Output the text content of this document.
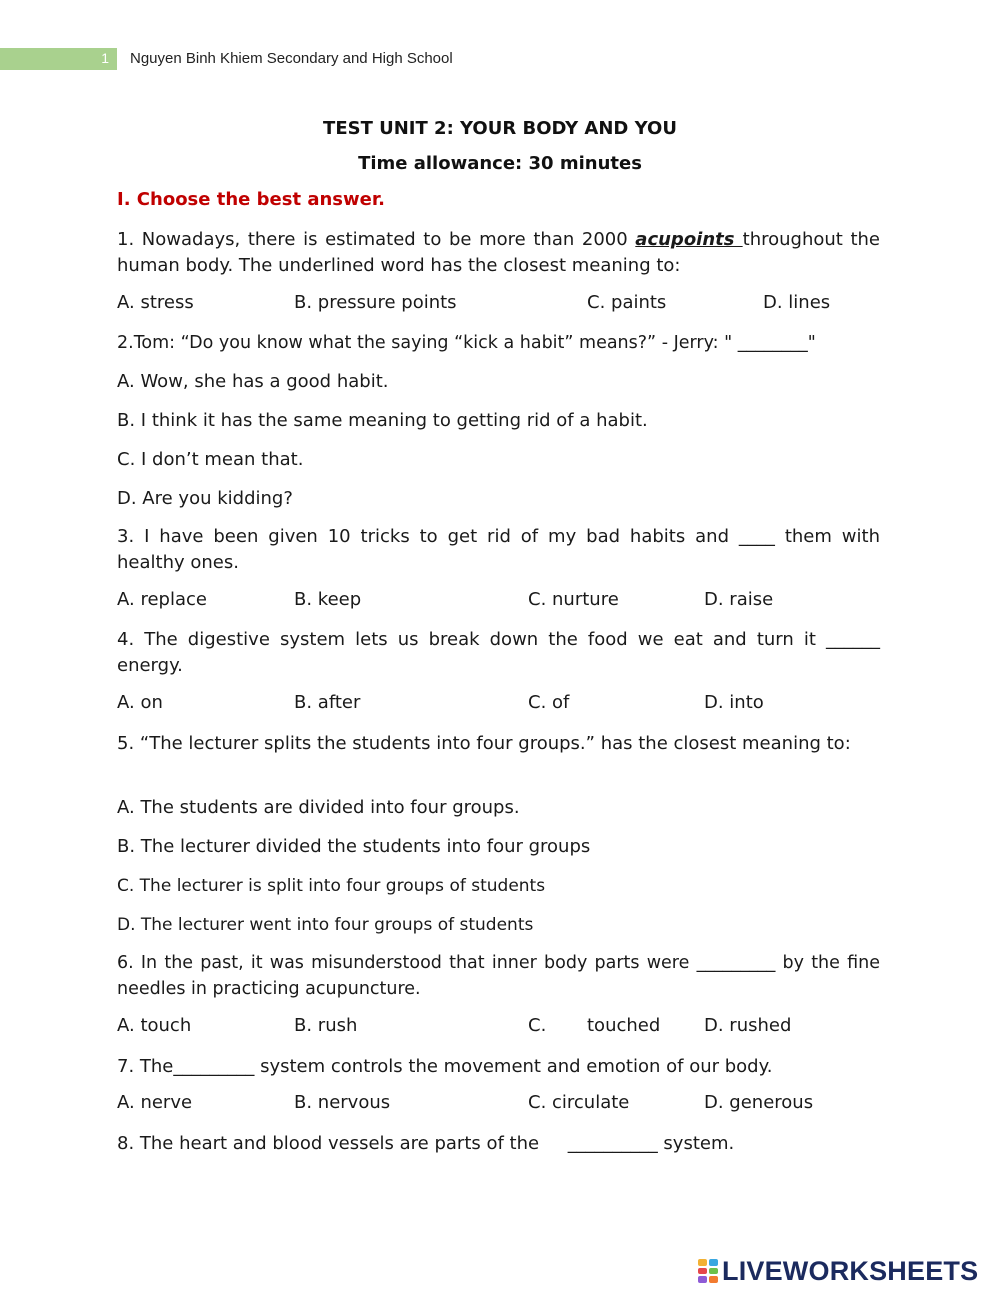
1 Nguyen Binh Khiem Secondary and High School
TEST UNIT 2: YOUR BODY AND YOU
Time allowance: 30 minutes
I. Choose the best answer.
1. Nowadays, there is estimated to be more than 2000 acupoints throughout the human body. The underlined word has the closest meaning to:
A. stress	B. pressure points	C. paints	D. lines
2.Tom: “Do you know what the saying “kick a habit” means?” - Jerry: " ________"
A. Wow, she has a good habit.
B. I think it has the same meaning to getting rid of a habit.
C. I don’t mean that.
D. Are you kidding?
3. I have been given 10 tricks to get rid of my bad habits and ____ them with healthy ones.
A. replace	B. keep	C. nurture	D. raise
4. The digestive system lets us break down the food we eat and turn it ______ energy.
A. on	B. after	C. of	D. into
5. “The lecturer splits the students into four groups.” has the closest meaning to:
A. The students are divided into four groups.
B. The lecturer divided the students into four groups
C. The lecturer is split into four groups of students
D. The lecturer went into four groups of students
6. In the past, it was misunderstood that inner body parts were _________ by the fine needles in practicing acupuncture.
A. touch	B. rush	C. touched D. rushed
7. The_________ system controls the movement and emotion of our body.
A. nerve	B. nervous	C. circulate	D. generous
8. The heart and blood vessels are parts of the     __________ system.
LIVEWORKSHEETS
